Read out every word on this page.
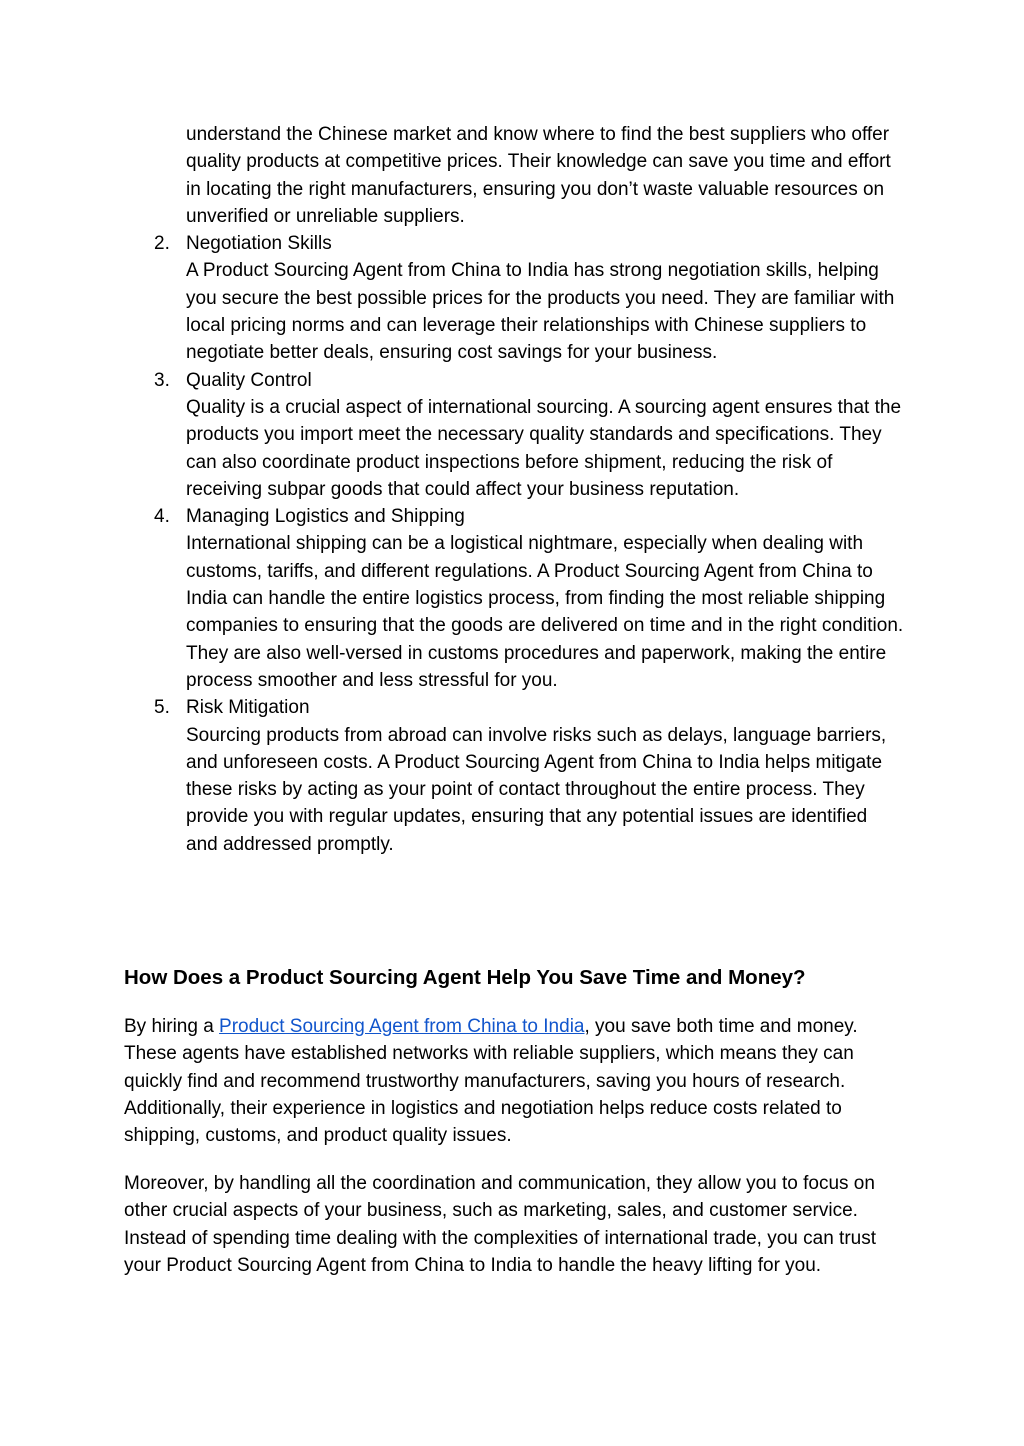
understand the Chinese market and know where to find the best suppliers who offer quality products at competitive prices. Their knowledge can save you time and effort in locating the right manufacturers, ensuring you don’t waste valuable resources on unverified or unreliable suppliers.

2. Negotiation Skills

A Product Sourcing Agent from China to India has strong negotiation skills, helping you secure the best possible prices for the products you need. They are familiar with local pricing norms and can leverage their relationships with Chinese suppliers to negotiate better deals, ensuring cost savings for your business.

3. Quality Control

Quality is a crucial aspect of international sourcing. A sourcing agent ensures that the products you import meet the necessary quality standards and specifications. They can also coordinate product inspections before shipment, reducing the risk of receiving subpar goods that could affect your business reputation.

4. Managing Logistics and Shipping

International shipping can be a logistical nightmare, especially when dealing with customs, tariffs, and different regulations. A Product Sourcing Agent from China to India can handle the entire logistics process, from finding the most reliable shipping companies to ensuring that the goods are delivered on time and in the right condition. They are also well-versed in customs procedures and paperwork, making the entire process smoother and less stressful for you.

5. Risk Mitigation

Sourcing products from abroad can involve risks such as delays, language barriers, and unforeseen costs. A Product Sourcing Agent from China to India helps mitigate these risks by acting as your point of contact throughout the entire process. They provide you with regular updates, ensuring that any potential issues are identified and addressed promptly.

How Does a Product Sourcing Agent Help You Save Time and Money?

By hiring a Product Sourcing Agent from China to India, you save both time and money. These agents have established networks with reliable suppliers, which means they can quickly find and recommend trustworthy manufacturers, saving you hours of research. Additionally, their experience in logistics and negotiation helps reduce costs related to shipping, customs, and product quality issues.

Moreover, by handling all the coordination and communication, they allow you to focus on other crucial aspects of your business, such as marketing, sales, and customer service. Instead of spending time dealing with the complexities of international trade, you can trust your Product Sourcing Agent from China to India to handle the heavy lifting for you.
